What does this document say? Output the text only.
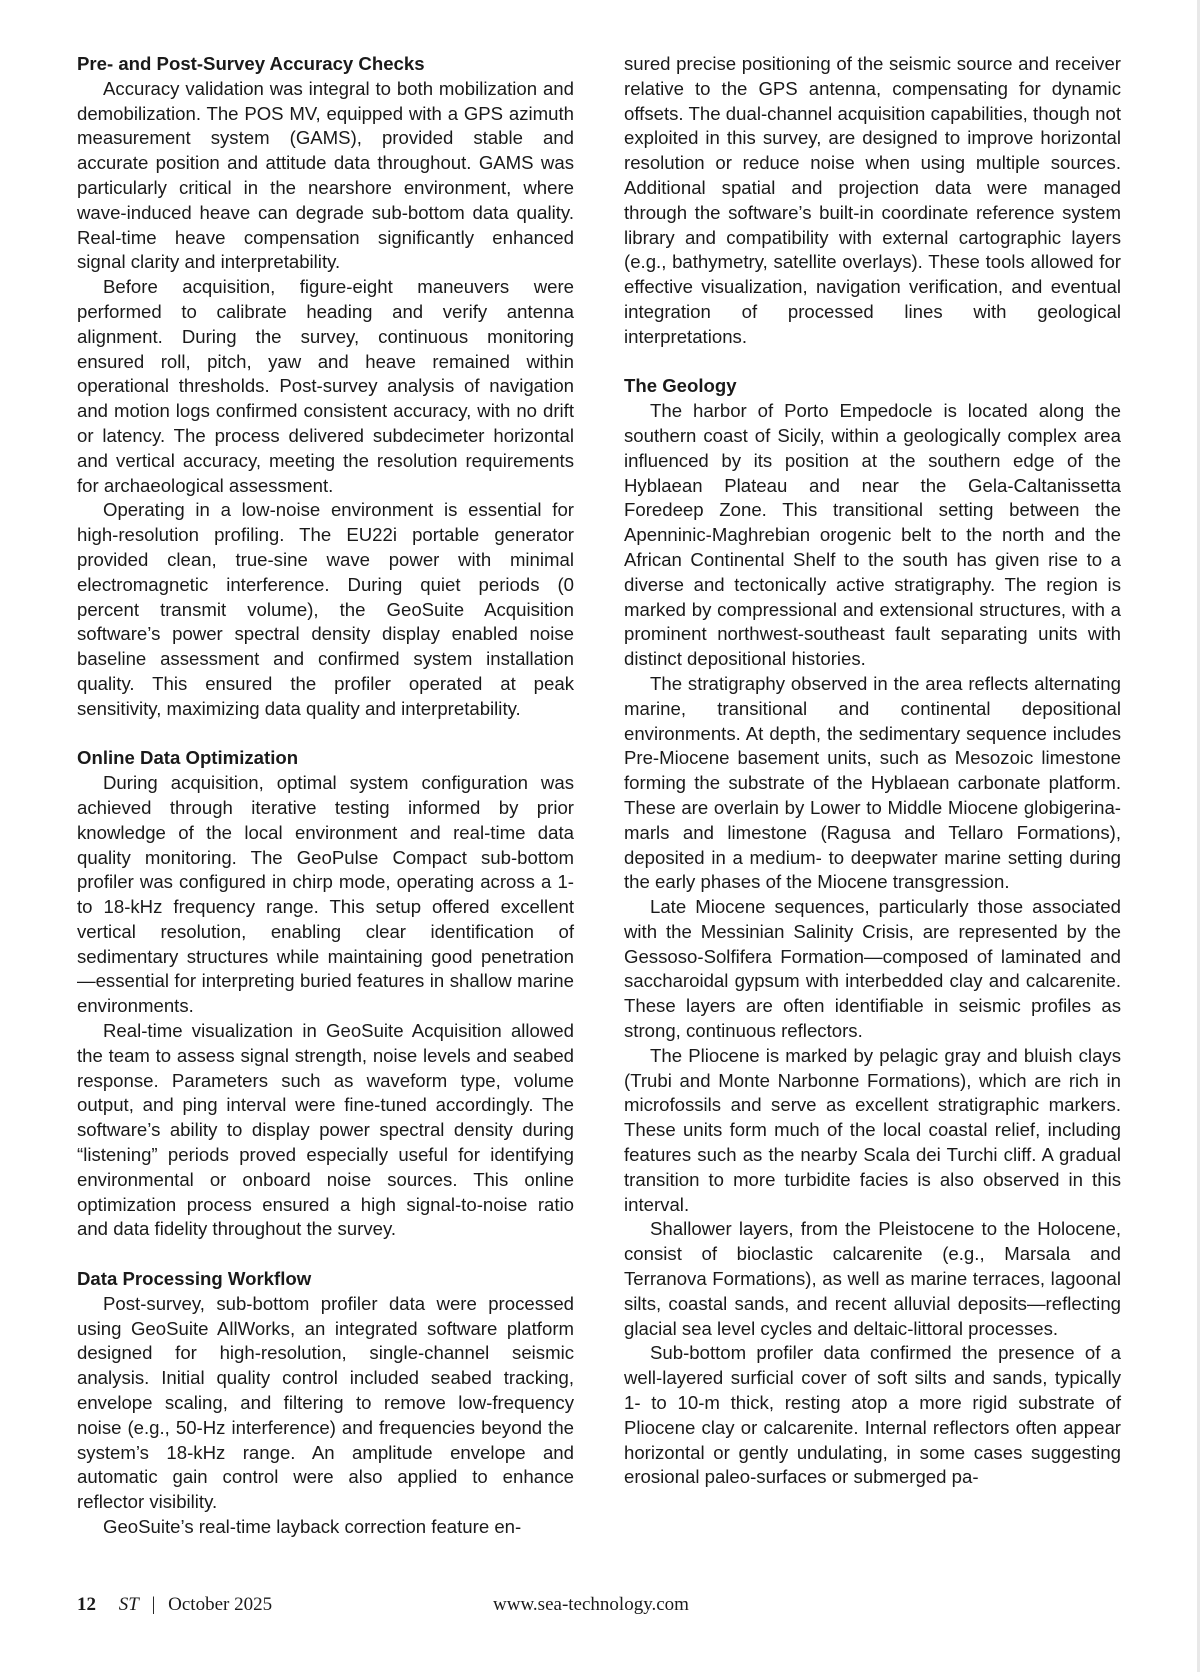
Pre- and Post-Survey Accuracy Checks

Accuracy validation was integral to both mobilization and demobilization. The POS MV, equipped with a GPS azimuth measurement system (GAMS), provided stable and accurate position and attitude data throughout. GAMS was particularly critical in the nearshore environment, where wave-induced heave can degrade sub-bottom data quality. Real-time heave compensation significantly enhanced signal clarity and interpretability.

Before acquisition, figure-eight maneuvers were performed to calibrate heading and verify antenna alignment. During the survey, continuous monitoring ensured roll, pitch, yaw and heave remained within operational thresholds. Post-survey analysis of navigation and motion logs confirmed consistent accuracy, with no drift or latency. The process delivered subdecimeter horizontal and vertical accuracy, meeting the resolution requirements for archaeological assessment.

Operating in a low-noise environment is essential for high-resolution profiling. The EU22i portable generator provided clean, true-sine wave power with minimal electromagnetic interference. During quiet periods (0 percent transmit volume), the GeoSuite Acquisition software’s power spectral density display enabled noise baseline assessment and confirmed system installation quality. This ensured the profiler operated at peak sensitivity, maximizing data quality and interpretability.

Online Data Optimization

During acquisition, optimal system configuration was achieved through iterative testing informed by prior knowledge of the local environment and real-time data quality monitoring. The GeoPulse Compact sub-bottom profiler was configured in chirp mode, operating across a 1- to 18-kHz frequency range. This setup offered excellent vertical resolution, enabling clear identification of sedimentary structures while maintaining good penetration—essential for interpreting buried features in shallow marine environments.

Real-time visualization in GeoSuite Acquisition allowed the team to assess signal strength, noise levels and seabed response. Parameters such as waveform type, volume output, and ping interval were fine-tuned accordingly. The software’s ability to display power spectral density during “listening” periods proved especially useful for identifying environmental or onboard noise sources. This online optimization process ensured a high signal-to-noise ratio and data fidelity throughout the survey.

Data Processing Workflow

Post-survey, sub-bottom profiler data were processed using GeoSuite AllWorks, an integrated software platform designed for high-resolution, single-channel seismic analysis. Initial quality control included seabed tracking, envelope scaling, and filtering to remove low-frequency noise (e.g., 50-Hz interference) and frequencies beyond the system’s 18-kHz range. An amplitude envelope and automatic gain control were also applied to enhance reflector visibility.

GeoSuite’s real-time layback correction feature en-

sured precise positioning of the seismic source and receiver relative to the GPS antenna, compensating for dynamic offsets. The dual-channel acquisition capabilities, though not exploited in this survey, are designed to improve horizontal resolution or reduce noise when using multiple sources. Additional spatial and projection data were managed through the software’s built-in coordinate reference system library and compatibility with external cartographic layers (e.g., bathymetry, satellite overlays). These tools allowed for effective visualization, navigation verification, and eventual integration of processed lines with geological interpretations.

The Geology

The harbor of Porto Empedocle is located along the southern coast of Sicily, within a geologically complex area influenced by its position at the southern edge of the Hyblaean Plateau and near the Gela-Caltanissetta Foredeep Zone. This transitional setting between the Apenninic-Maghrebian orogenic belt to the north and the African Continental Shelf to the south has given rise to a diverse and tectonically active stratigraphy. The region is marked by compressional and extensional structures, with a prominent northwest-southeast fault separating units with distinct depositional histories.

The stratigraphy observed in the area reflects alternating marine, transitional and continental depositional environments. At depth, the sedimentary sequence includes Pre-Miocene basement units, such as Mesozoic limestone forming the substrate of the Hyblaean carbonate platform. These are overlain by Lower to Middle Miocene globigerina-marls and limestone (Ragusa and Tellaro Formations), deposited in a medium- to deepwater marine setting during the early phases of the Miocene transgression.

Late Miocene sequences, particularly those associated with the Messinian Salinity Crisis, are represented by the Gessoso-Solfifera Formation—composed of laminated and saccharoidal gypsum with interbedded clay and calcarenite. These layers are often identifiable in seismic profiles as strong, continuous reflectors.

The Pliocene is marked by pelagic gray and bluish clays (Trubi and Monte Narbonne Formations), which are rich in microfossils and serve as excellent stratigraphic markers. These units form much of the local coastal relief, including features such as the nearby Scala dei Turchi cliff. A gradual transition to more turbidite facies is also observed in this interval.

Shallower layers, from the Pleistocene to the Holocene, consist of bioclastic calcarenite (e.g., Marsala and Terranova Formations), as well as marine terraces, lagoonal silts, coastal sands, and recent alluvial deposits—reflecting glacial sea level cycles and deltaic-littoral processes.

Sub-bottom profiler data confirmed the presence of a well-layered surficial cover of soft silts and sands, typically 1- to 10-m thick, resting atop a more rigid substrate of Pliocene clay or calcarenite. Internal reflectors often appear horizontal or gently undulating, in some cases suggesting erosional paleo-surfaces or submerged pa-

12 ST | October 2025	www.sea-technology.com
